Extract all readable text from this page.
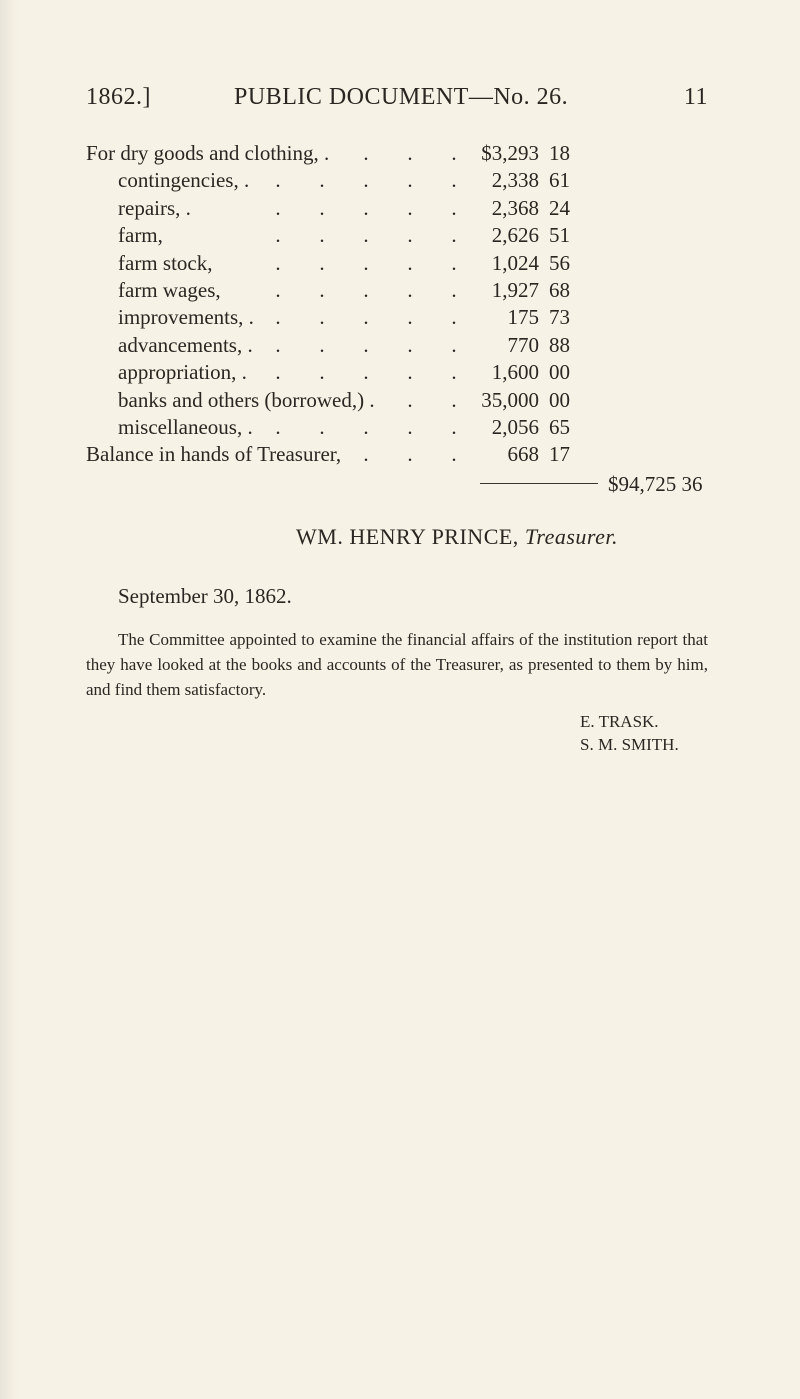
1862.]	PUBLIC DOCUMENT—No. 26.	11
For dry goods and clothing, .	$3,293 18
. . .
contingencies, .	2,338 61
. . . . .
repairs, .	2,368 24
. . . . .
farm,	2,626 51
. . . . .
farm stock,	1,024 56
. . . . .
farm wages,	1,927 68
. . . . .
improvements, .	175 73
. . . . .
advancements, .	770 88
. . . . .
appropriation, .	1,600 00
. . . . .
banks and others (borrowed,) .	35,000 00
. .
miscellaneous, .	2,056 65
. . . . .
Balance in hands of Treasurer,	668 17
. . .
$94,725 36
WM. HENRY PRINCE, Treasurer.
September 30, 1862.

The Committee appointed to examine the financial affairs of the institution report that they have looked at the books and accounts of the Treasurer, as presented to them by him, and find them satisfactory.

E. TRASK.
S. M. SMITH.
